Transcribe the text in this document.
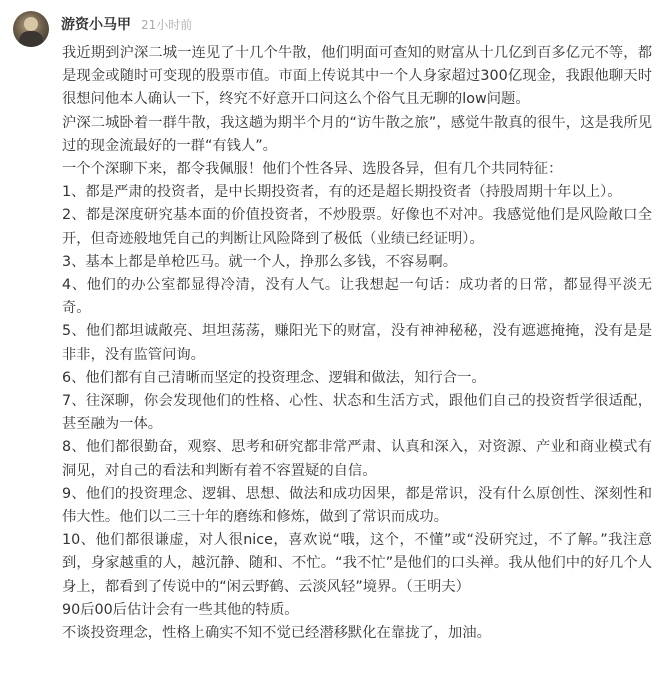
游资小马甲 21小时前

我近期到沪深二城一连见了十几个牛散，他们明面可查知的财富从十几亿到百多亿元不等，都是现金或随时可变现的股票市值。市面上传说其中一个人身家超过300亿现金，我跟他聊天时很想问他本人确认一下，终究不好意开口问这么个俗气且无聊的low问题。

沪深二城卧着一群牛散，我这趟为期半个月的“访牛散之旅”，感觉牛散真的很牛，这是我所见过的现金流最好的一群“有钱人”。

一个个深聊下来，都令我佩服！他们个性各异、选股各异，但有几个共同特征：

1、都是严肃的投资者，是中长期投资者，有的还是超长期投资者（持股周期十年以上）。

2、都是深度研究基本面的价值投资者，不炒股票。好像也不对冲。我感觉他们是风险敞口全开，但奇迹般地凭自己的判断让风险降到了极低（业绩已经证明）。

3、基本上都是单枪匹马。就一个人，挣那么多钱，不容易啊。

4、他们的办公室都显得冷清，没有人气。让我想起一句话：成功者的日常，都显得平淡无奇。

5、他们都坦诚敞亮、坦坦荡荡，赚阳光下的财富，没有神神秘秘，没有遮遮掩掩，没有是是非非，没有监管问询。

6、他们都有自己清晰而坚定的投资理念、逻辑和做法，知行合一。

7、往深聊，你会发现他们的性格、心性、状态和生活方式，跟他们自己的投资哲学很适配，甚至融为一体。

8、他们都很勤奋，观察、思考和研究都非常严肃、认真和深入，对资源、产业和商业模式有洞见，对自己的看法和判断有着不容置疑的自信。

9、他们的投资理念、逻辑、思想、做法和成功因果，都是常识，没有什么原创性、深刻性和伟大性。他们以二三十年的磨练和修炼，做到了常识而成功。

10、他们都很谦虚，对人很nice，喜欢说“哦，这个，不懂”或“没研究过，不了解。”我注意到，身家越重的人，越沉静、随和、不忙。“我不忙”是他们的口头禅。我从他们中的好几个人身上，都看到了传说中的“闲云野鹤、云淡风轻”境界。（王明夫）

90后00后估计会有一些其他的特质。

不谈投资理念，性格上确实不知不觉已经潜移默化在靠拢了，加油。
